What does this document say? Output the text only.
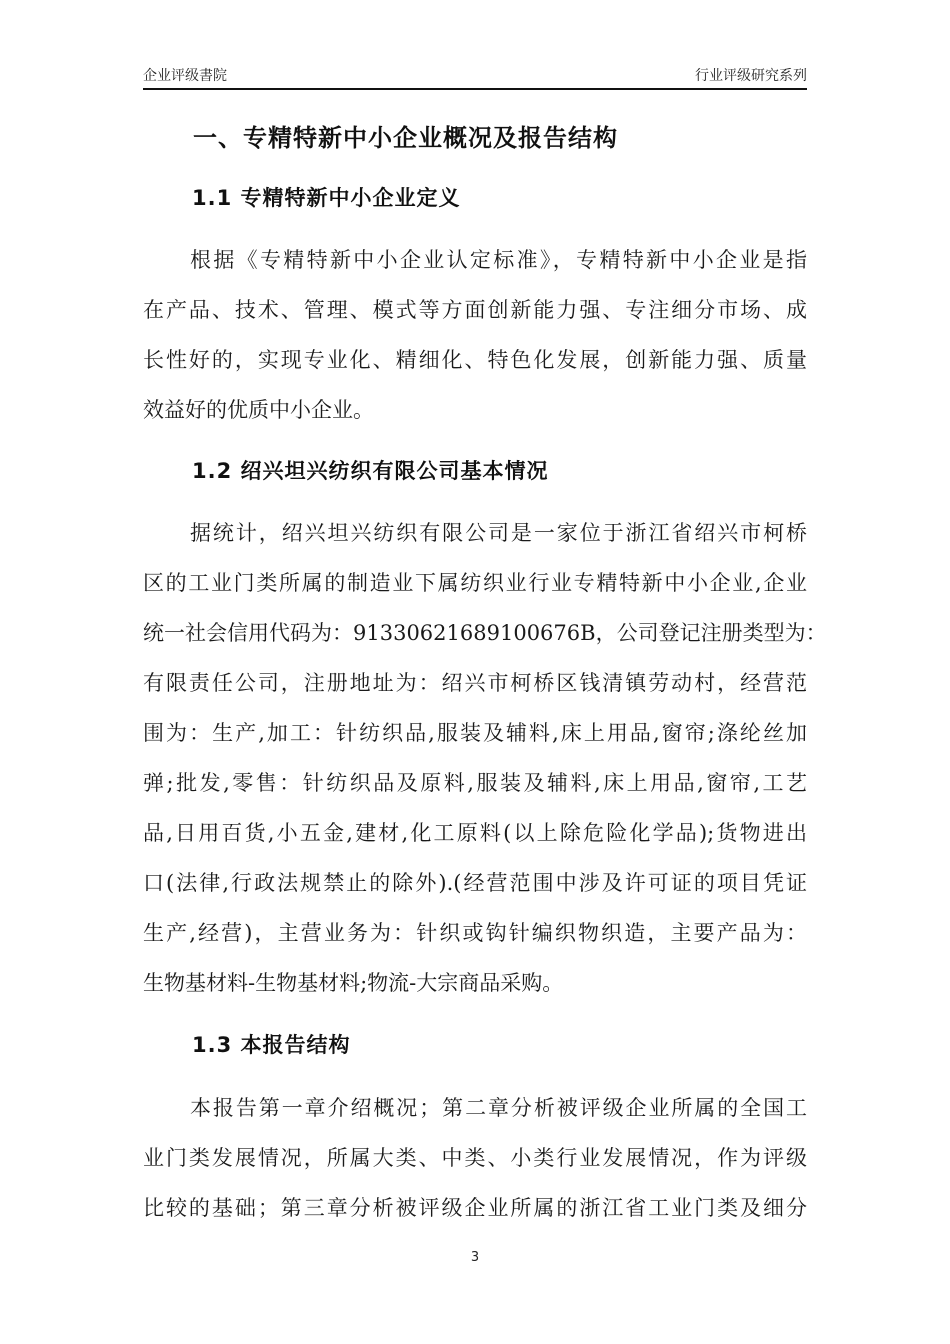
企业评级書院	行业评级研究系列
一、专精特新中小企业概况及报告结构
1.1 专精特新中小企业定义
根据《专精特新中小企业认定标准》，专精特新中小企业是指
在产品、技术、管理、模式等方面创新能力强、专注细分市场、成
长性好的，实现专业化、精细化、特色化发展，创新能力强、质量
效益好的优质中小企业。
1.2 绍兴坦兴纺织有限公司基本情况
据统计，绍兴坦兴纺织有限公司是一家位于浙江省绍兴市柯桥
区的工业门类所属的制造业下属纺织业行业专精特新中小企业,企业
统一社会信用代码为：91330621689100676B，公司登记注册类型为：
有限责任公司，注册地址为：绍兴市柯桥区钱清镇劳动村，经营范
围为：生产,加工：针纺织品,服装及辅料,床上用品,窗帘;涤纶丝加
弹;批发,零售：针纺织品及原料,服装及辅料,床上用品,窗帘,工艺
品,日用百货,小五金,建材,化工原料(以上除危险化学品);货物进出
口(法律,行政法规禁止的除外).(经营范围中涉及许可证的项目凭证
生产,经营)，主营业务为：针织或钩针编织物织造，主要产品为：
生物基材料-生物基材料;物流-大宗商品采购。
1.3 本报告结构
本报告第一章介绍概况；第二章分析被评级企业所属的全国工
业门类发展情况，所属大类、中类、小类行业发展情况，作为评级
比较的基础；第三章分析被评级企业所属的浙江省工业门类及细分
3
